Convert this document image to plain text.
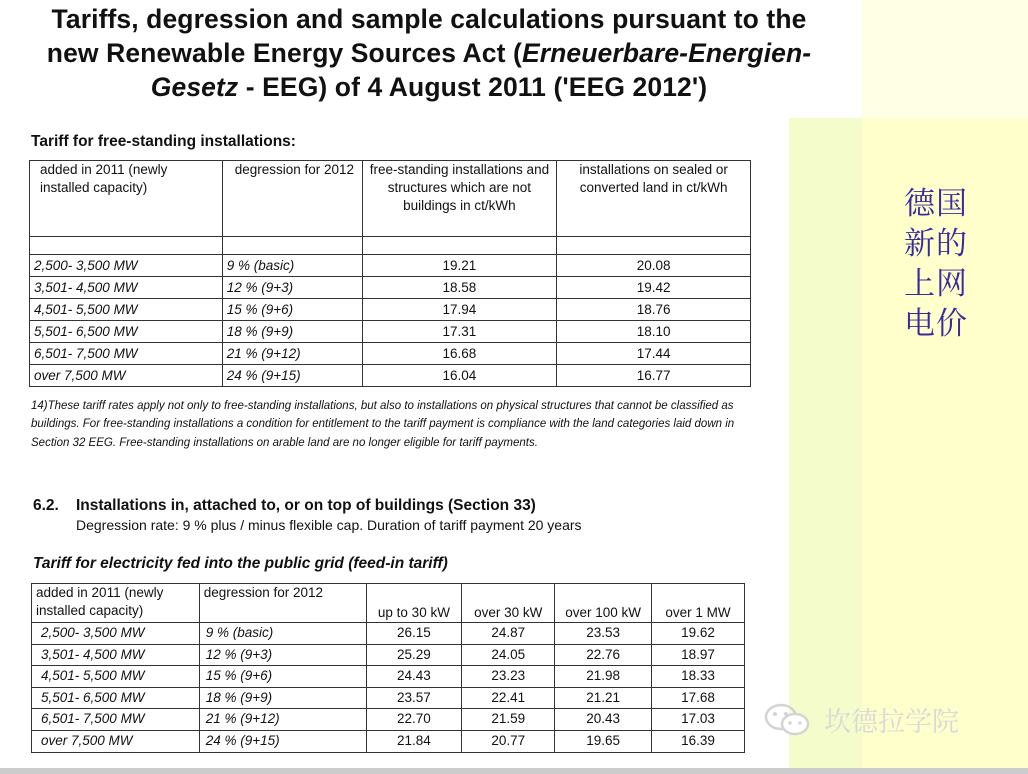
Tariffs, degression and sample calculations pursuant to the
new Renewable Energy Sources Act (Erneuerbare-Energien-
Gesetz - EEG) of 4 August 2011 ('EEG 2012')
德国
新的
上网
电价
Tariff for free-standing installations:
added in 2011 (newly installed capacity)	degression for 2012	free-standing installations and structures which are not buildings in ct/kWh	installations on sealed or converted land in ct/kWh

2,500- 3,500 MW	9 % (basic)	19.21	20.08
3,501- 4,500 MW	12 % (9+3)	18.58	19.42
4,501- 5,500 MW	15 % (9+6)	17.94	18.76
5,501- 6,500 MW	18 % (9+9)	17.31	18.10
6,501- 7,500 MW	21 % (9+12)	16.68	17.44
over 7,500 MW	24 % (9+15)	16.04	16.77
14)These tariff rates apply not only to free-standing installations, but also to installations on physical structures that cannot be classified as buildings. For free-standing installations a condition for entitlement to the tariff payment is compliance with the land categories laid down in Section 32 EEG. Free-standing installations on arable land are no longer eligible for tariff payments.
6.2. Installations in, attached to, or on top of buildings (Section 33)
Degression rate: 9 % plus / minus flexible cap. Duration of tariff payment 20 years
Tariff for electricity fed into the public grid (feed-in tariff)
added in 2011 (newly installed capacity)	degression for 2012	up to 30 kW	over 30 kW	over 100 kW	over 1 MW
2,500- 3,500 MW	9 % (basic)	26.15	24.87	23.53	19.62
3,501- 4,500 MW	12 % (9+3)	25.29	24.05	22.76	18.97
4,501- 5,500 MW	15 % (9+6)	24.43	23.23	21.98	18.33
5,501- 6,500 MW	18 % (9+9)	23.57	22.41	21.21	17.68
6,501- 7,500 MW	21 % (9+12)	22.70	21.59	20.43	17.03
over 7,500 MW	24 % (9+15)	21.84	20.77	19.65	16.39
坎德拉学院
